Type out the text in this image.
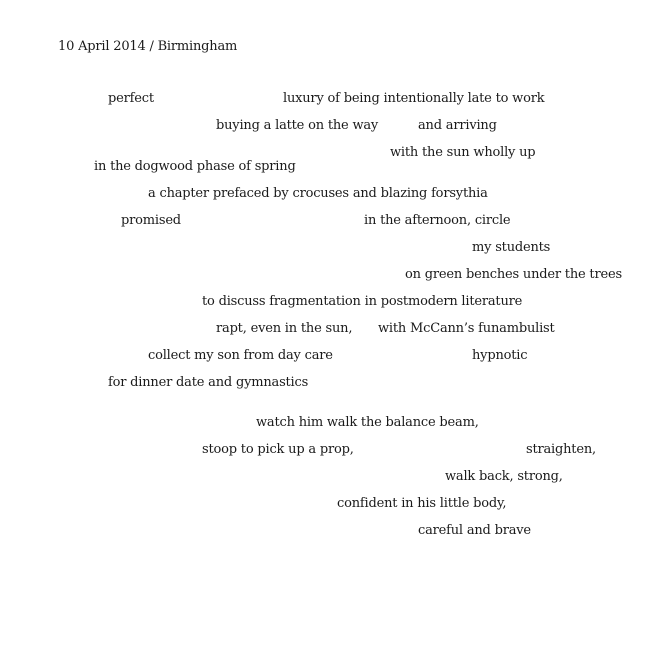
10 April 2014 / Birmingham
perfect	luxury of being intentionally late to work
buying a latte on the way	and arriving
with the sun wholly up
in the dogwood phase of spring
a chapter prefaced by crocuses and blazing forsythia
promised	in the afternoon, circle
my students
on green benches under the trees
to discuss fragmentation in postmodern literature
rapt, even in the sun, with McCann’s funambulist
collect my son from day care	hypnotic
for dinner date and gymnastics
watch him walk the balance beam,
stoop to pick up a prop,	straighten,
walk back, strong,
confident in his little body,
careful and brave
